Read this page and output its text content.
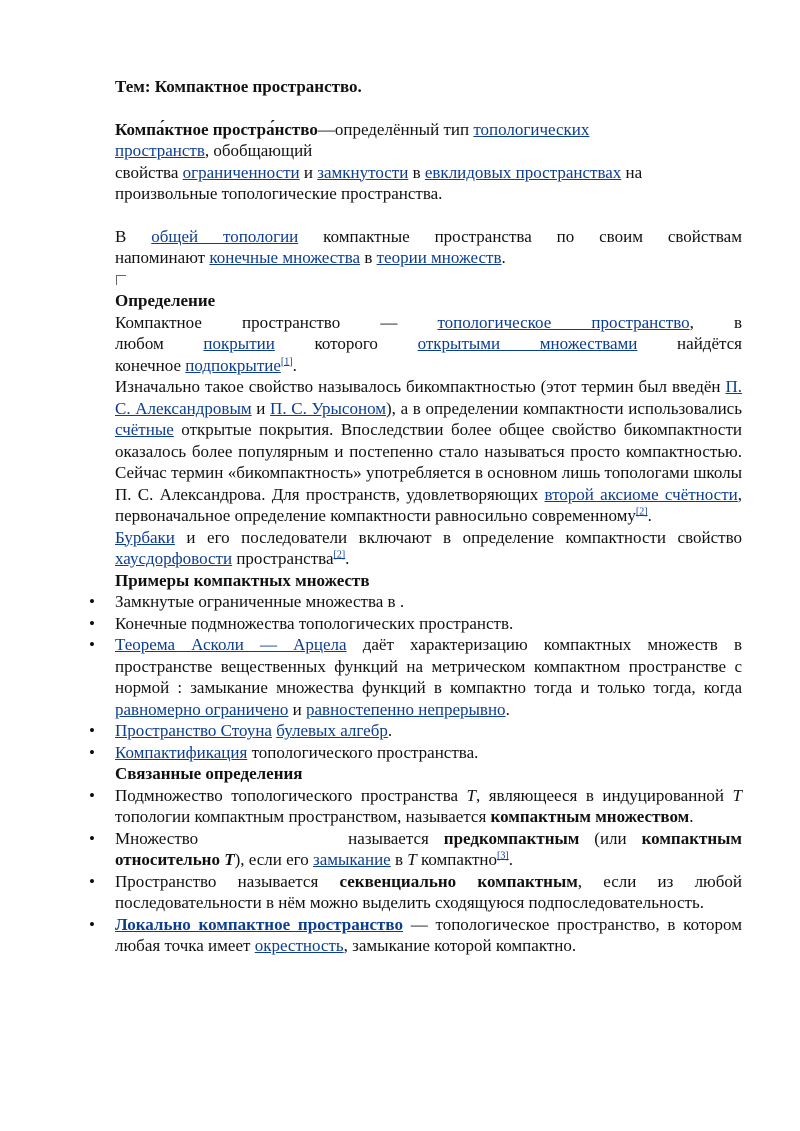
Тем: Компактное пространство.

Компа́ктное простра́нство—определённый тип топологических

пространств, обобщающий

свойства ограниченности и замкнутости в евклидовых пространствах на

произвольные топологические пространства.

В общей топологии компактные пространства по своим свойствам

напоминают конечные множества в теории множеств.

Определение

Компактное пространство — топологическое пространство, в

любом покрытии которого открытыми множествами найдётся

конечное подпокрытие[1].

Изначально такое свойство называлось бикомпактностью (этот термин был введён П. С. Александровым и П. С. Урысоном), а в определении компактности использовались счётные открытые покрытия. Впоследствии более общее свойство бикомпактности оказалось более популярным и постепенно стало называться просто компактностью. Сейчас термин «бикомпактность» употребляется в основном лишь топологами школы П. С. Александрова. Для пространств, удовлетворяющих второй аксиоме счётности, первоначальное определение компактности равносильно современному[2].

Бурбаки и его последователи включают в определение компактности свойство хаусдорфовости пространства[2].

Примеры компактных множеств

• Замкнутые ограниченные множества в .
• Конечные подмножества топологических пространств.
• Теорема Асколи — Арцела даёт характеризацию компактных множеств в пространстве вещественных функций на метрическом компактном пространстве с нормой : замыкание множества функций в компактно тогда и только тогда, когда равномерно ограничено и равностепенно непрерывно.
• Пространство Стоуна булевых алгебр.
• Компактификация топологического пространства.

Связанные определения

• Подмножество топологического пространства T, являющееся в индуцированной T топологии компактным пространством, называется компактным множеством.
• Множество	называется предкомпактным (или компактным относительно T), если его замыкание в T компактно[3].
• Пространство называется секвенциально компактным, если из любой последовательности в нём можно выделить сходящуюся подпоследовательность.
• Локально компактное пространство — топологическое пространство, в котором любая точка имеет окрестность, замыкание которой компактно.
